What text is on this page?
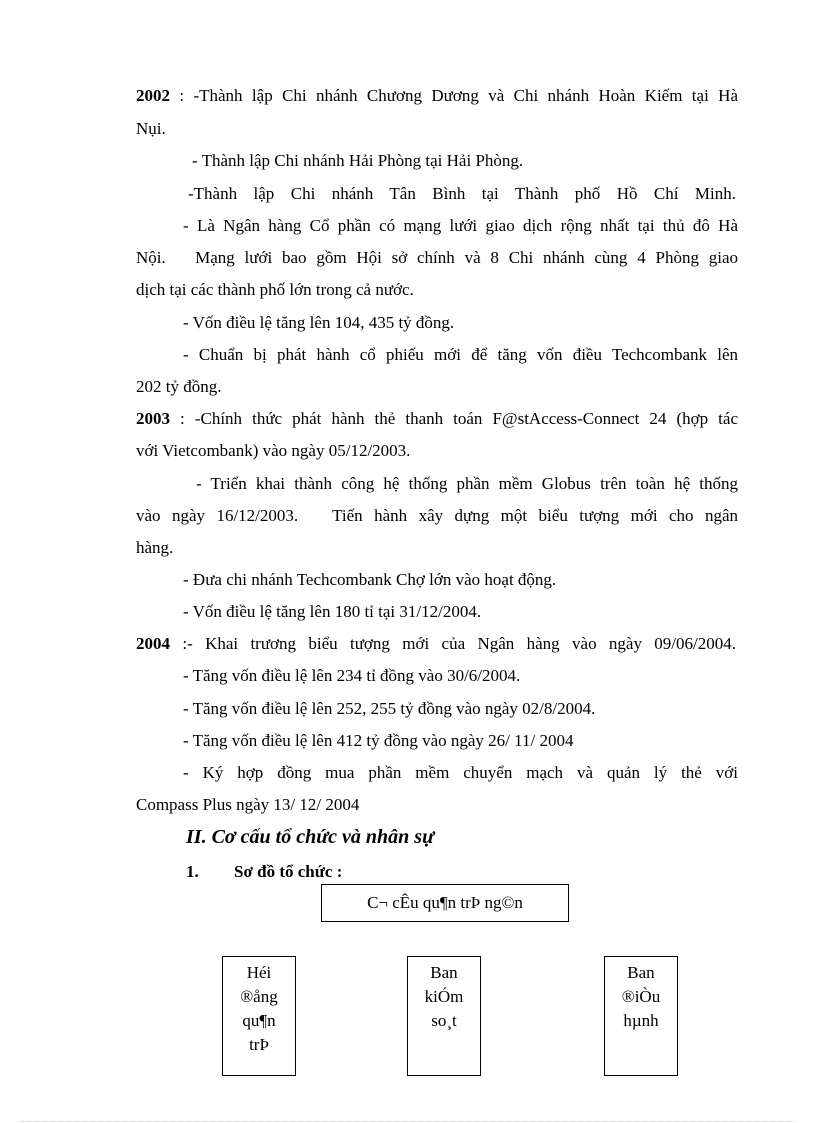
2002 : -Thành lập Chi nhánh Chương Dương và Chi nhánh Hoàn Kiếm tại Hà
Nụi.
- Thành lập Chi nhánh Hải Phòng tại Hải Phòng.
-Thành lập Chi nhánh Tân Bình tại Thành phố Hồ Chí Minh.
- Là Ngân hàng Cổ phần có mạng lưới giao dịch rộng nhất tại thủ đô Hà
Nội.   Mạng lưới bao gồm Hội sở chính và 8 Chi nhánh cùng 4 Phòng giao
dịch tại các thành phố lớn trong cả nước.
- Vốn điều lệ tăng lên 104, 435 tỷ đồng.
- Chuẩn bị phát hành cổ phiếu mới để tăng vốn điều Techcombank lên
202 tỷ đồng.
2003 : -Chính thức phát hành thẻ thanh toán F@stAccess-Connect 24 (hợp tác
với Vietcombank) vào ngày 05/12/2003.
- Triển khai thành công hệ thống phần mềm Globus trên toàn hệ thống
vào ngày 16/12/2003.   Tiến hành xây dựng một biểu tượng mới cho ngân
hàng.
- Đưa chi nhánh Techcombank Chợ lớn vào hoạt động.
- Vốn điều lệ tăng lên 180 tỉ tại 31/12/2004.
2004 :- Khai trương biểu tượng mới của Ngân hàng vào ngày 09/06/2004.
- Tăng vốn điều lệ lên 234 tỉ đồng vào 30/6/2004.
- Tăng vốn điều lệ lên 252, 255 tỷ đồng vào ngày 02/8/2004.
- Tăng vốn điều lệ lên 412 tỷ đồng vào ngày 26/ 11/ 2004
- Ký hợp đồng mua phần mềm chuyển mạch và quản lý thẻ với
Compass Plus ngày 13/ 12/ 2004
II. Cơ cấu tổ chức và nhân sự
1. Sơ đồ tổ chức :
C¬ cÊu qu¶n trÞ ng©n
Héi
®ång
qu¶n
trÞ
Ban
kiÓm
so¸t
Ban
®iÒu
hµnh
